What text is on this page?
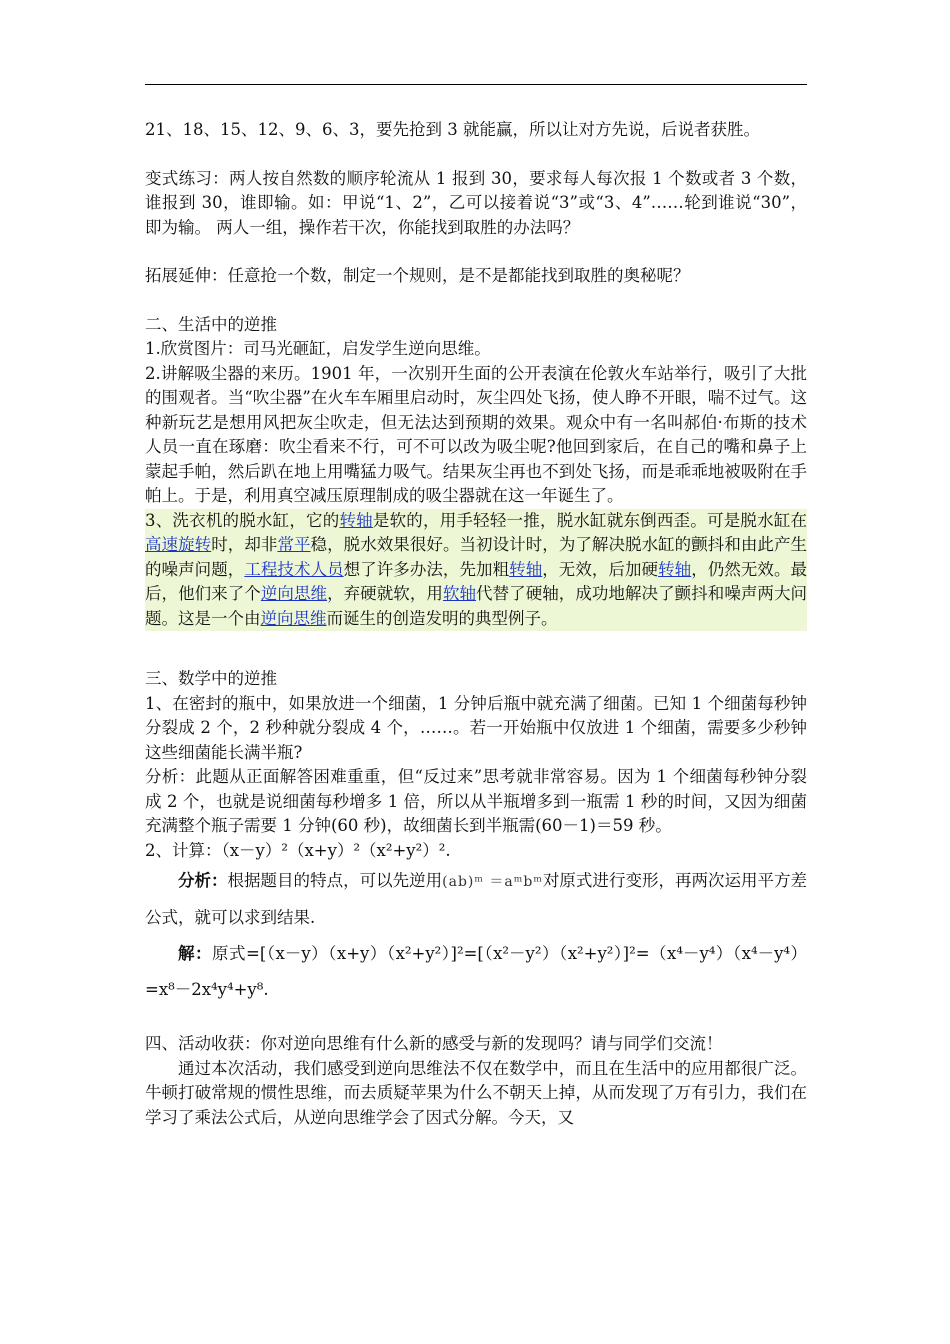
21、18、15、12、9、6、3，要先抢到 3 就能赢，所以让对方先说，后说者获胜。

变式练习：两人按自然数的顺序轮流从 1 报到 30，要求每人每次报 1 个数或者 3 个数，谁报到 30，谁即输。如：甲说“1、2”，乙可以接着说“3”或“3、4”……轮到谁说“30”，即为输。 两人一组，操作若干次，你能找到取胜的办法吗？

拓展延伸：任意抢一个数，制定一个规则，是不是都能找到取胜的奥秘呢？

二、生活中的逆推

1.欣赏图片：司马光砸缸，启发学生逆向思维。

2.讲解吸尘器的来历。1901 年，一次别开生面的公开表演在伦敦火车站举行，吸引了大批的围观者。当“吹尘器”在火车车厢里启动时，灰尘四处飞扬，使人睁不开眼，喘不过气。这种新玩艺是想用风把灰尘吹走，但无法达到预期的效果。观众中有一名叫郝伯·布斯的技术人员一直在琢磨：吹尘看来不行，可不可以改为吸尘呢?他回到家后，在自己的嘴和鼻子上蒙起手帕，然后趴在地上用嘴猛力吸气。结果灰尘再也不到处飞扬，而是乖乖地被吸附在手帕上。于是，利用真空减压原理制成的吸尘器就在这一年诞生了。

3、洗衣机的脱水缸，它的转轴是软的，用手轻轻一推，脱水缸就东倒西歪。可是脱水缸在高速旋转时，却非常平稳，脱水效果很好。当初设计时，为了解决脱水缸的颤抖和由此产生的噪声问题，工程技术人员想了许多办法，先加粗转轴，无效，后加硬转轴，仍然无效。最后，他们来了个逆向思维，弃硬就软，用软轴代替了硬轴，成功地解决了颤抖和噪声两大问题。这是一个由逆向思维而诞生的创造发明的典型例子。

三、数学中的逆推

1、在密封的瓶中，如果放进一个细菌，1 分钟后瓶中就充满了细菌。已知 1 个细菌每秒钟分裂成 2 个，2 秒种就分裂成 4 个，……。若一开始瓶中仅放进 1 个细菌，需要多少秒钟这些细菌能长满半瓶?

分析：此题从正面解答困难重重，但“反过来”思考就非常容易。因为 1 个细菌每秒钟分裂成 2 个，也就是说细菌每秒增多 1 倍，所以从半瓶增多到一瓶需 1 秒的时间，又因为细菌充满整个瓶子需要 1 分钟(60 秒)，故细菌长到半瓶需(60－1)＝59 秒。

2、计算：（x－y）²（x+y）²（x²+y²）².

分析：根据题目的特点，可以先逆用(ab)ᵐ ＝aᵐbᵐ对原式进行变形，再两次运用平方差公式，就可以求到结果.

解：原式=[（x－y）（x+y）（x²+y²）]²=[（x²－y²）（x²+y²）]²=（x⁴－y⁴）（x⁴－y⁴）=x⁸－2x⁴y⁴+y⁸.

四、活动收获：你对逆向思维有什么新的感受与新的发现吗？请与同学们交流！

通过本次活动，我们感受到逆向思维法不仅在数学中，而且在生活中的应用都很广泛。牛顿打破常规的惯性思维，而去质疑苹果为什么不朝天上掉，从而发现了万有引力，我们在学习了乘法公式后，从逆向思维学会了因式分解。今天，又
